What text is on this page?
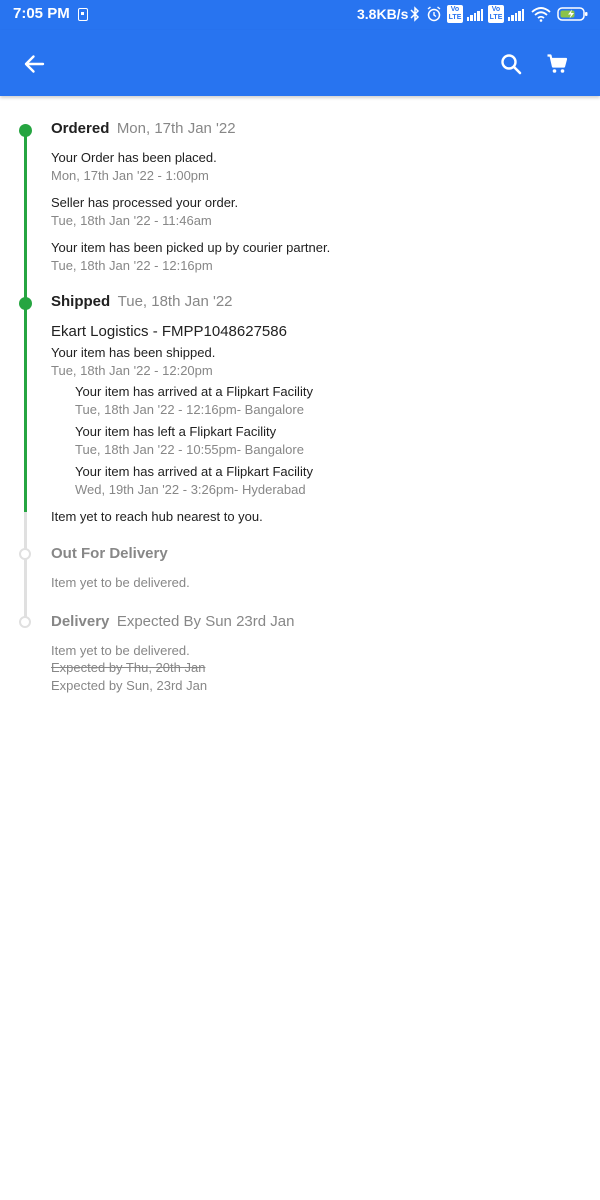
7:05 PM	3.8KB/s	Vo LTE
Vo LTE
Ordered Mon, 17th Jan '22
Your Order has been placed.
Mon, 17th Jan '22 - 1:00pm
Seller has processed your order.
Tue, 18th Jan '22 - 11:46am
Your item has been picked up by courier partner.
Tue, 18th Jan '22 - 12:16pm
Shipped Tue, 18th Jan '22
Ekart Logistics - FMPP1048627586
Your item has been shipped.
Tue, 18th Jan '22 - 12:20pm
Your item has arrived at a Flipkart Facility
Tue, 18th Jan '22 - 12:16pm- Bangalore
Your item has left a Flipkart Facility
Tue, 18th Jan '22 - 10:55pm- Bangalore
Your item has arrived at a Flipkart Facility
Wed, 19th Jan '22 - 3:26pm- Hyderabad
Item yet to reach hub nearest to you.
Out For Delivery
Item yet to be delivered.
Delivery Expected By Sun 23rd Jan
Item yet to be delivered.
Expected by Thu, 20th Jan
Expected by Sun, 23rd Jan
